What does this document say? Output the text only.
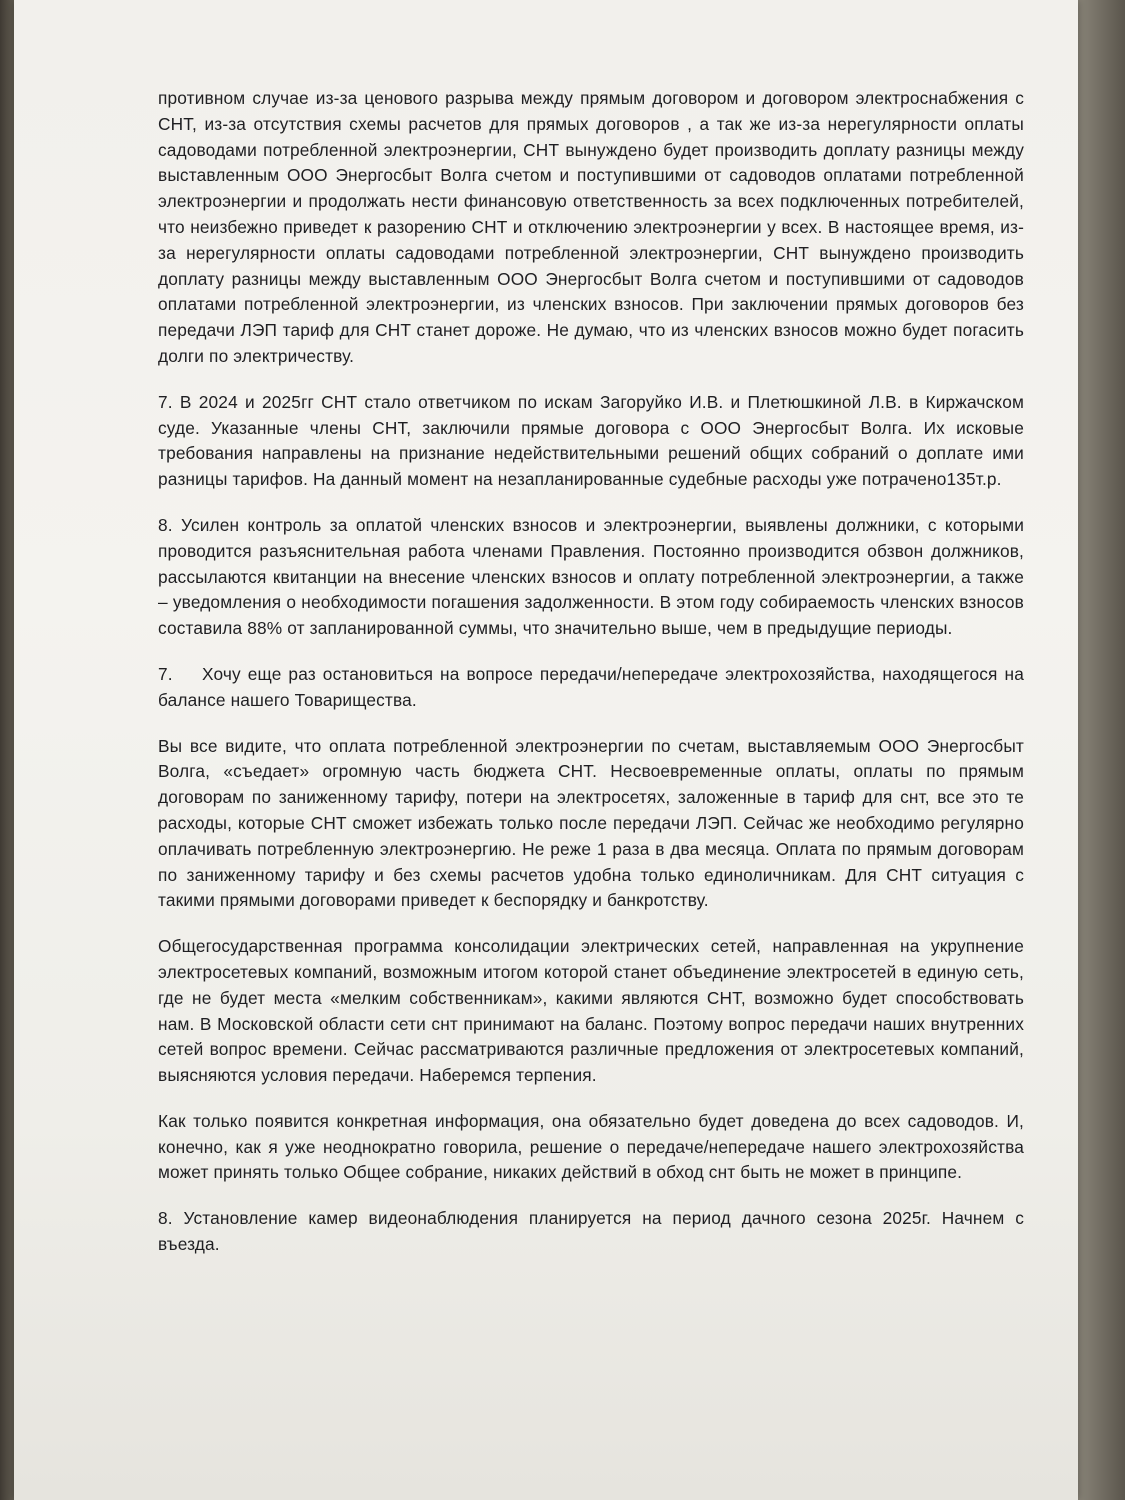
противном случае из-за ценового разрыва между прямым договором и договором электроснабжения с СНТ, из-за отсутствия схемы расчетов для прямых договоров , а так же из-за нерегулярности оплаты садоводами потребленной электроэнергии, СНТ вынуждено будет производить доплату разницы между выставленным ООО Энергосбыт Волга счетом и поступившими от садоводов оплатами потребленной электроэнергии и продолжать нести финансовую ответственность за всех подключенных потребителей, что неизбежно приведет к разорению СНТ и отключению электроэнергии у всех. В настоящее время, из-за нерегулярности оплаты садоводами потребленной электроэнергии, СНТ вынуждено производить доплату разницы между выставленным ООО Энергосбыт Волга счетом и поступившими от садоводов оплатами потребленной электроэнергии, из членских взносов. При заключении прямых договоров без передачи ЛЭП тариф для СНТ станет дороже. Не думаю, что из членских взносов можно будет погасить долги по электричеству.

7. В 2024 и 2025гг СНТ стало ответчиком по искам Загоруйко И.В. и Плетюшкиной Л.В. в Киржачском суде. Указанные члены СНТ, заключили прямые договора с ООО Энергосбыт Волга. Их исковые требования направлены на признание недействительными решений общих собраний о доплате ими разницы тарифов. На данный момент на незапланированные судебные расходы уже потрачено135т.р.

8. Усилен контроль за оплатой членских взносов и электроэнергии, выявлены должники, с которыми проводится разъяснительная работа членами Правления. Постоянно производится обзвон должников, рассылаются квитанции на внесение членских взносов и оплату потребленной электроэнергии, а также – уведомления о необходимости погашения задолженности. В этом году собираемость членских взносов составила 88% от запланированной суммы, что значительно выше, чем в предыдущие периоды.

7. Хочу еще раз остановиться на вопросе передачи/непередаче электрохозяйства, находящегося на балансе нашего Товарищества.

Вы все видите, что оплата потребленной электроэнергии по счетам, выставляемым ООО Энергосбыт Волга, «съедает» огромную часть бюджета СНТ. Несвоевременные оплаты, оплаты по прямым договорам по заниженному тарифу, потери на электросетях, заложенные в тариф для снт, все это те расходы, которые СНТ сможет избежать только после передачи ЛЭП. Сейчас же необходимо регулярно оплачивать потребленную электроэнергию. Не реже 1 раза в два месяца. Оплата по прямым договорам по заниженному тарифу и без схемы расчетов удобна только единоличникам. Для СНТ ситуация с такими прямыми договорами приведет к беспорядку и банкротству.

Общегосударственная программа консолидации электрических сетей, направленная на укрупнение электросетевых компаний, возможным итогом которой станет объединение электросетей в единую сеть, где не будет места «мелким собственникам», какими являются СНТ, возможно будет способствовать нам. В Московской области сети снт принимают на баланс. Поэтому вопрос передачи наших внутренних сетей вопрос времени. Сейчас рассматриваются различные предложения от электросетевых компаний, выясняются условия передачи. Наберемся терпения.

Как только появится конкретная информация, она обязательно будет доведена до всех садоводов. И, конечно, как я уже неоднократно говорила, решение о передаче/непередаче нашего электрохозяйства может принять только Общее собрание, никаких действий в обход снт быть не может в принципе.

8. Установление камер видеонаблюдения планируется на период дачного сезона 2025г. Начнем с въезда.
